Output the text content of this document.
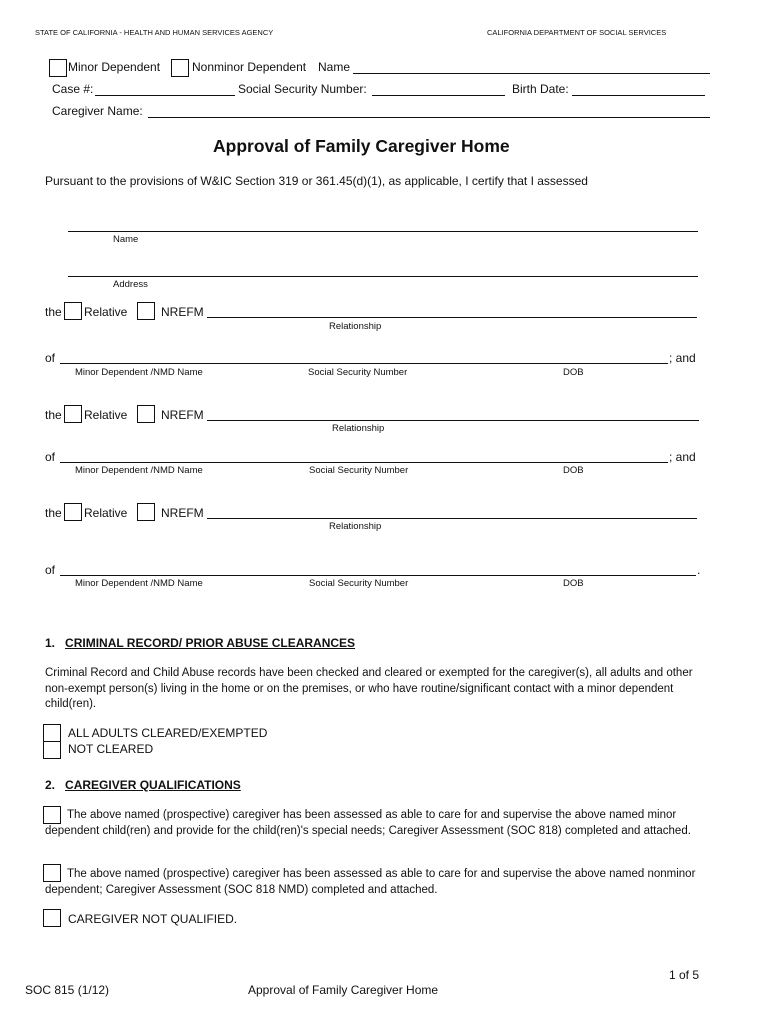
STATE OF CALIFORNIA - HEALTH AND HUMAN SERVICES AGENCY	CALIFORNIA DEPARTMENT OF SOCIAL SERVICES
Minor Dependent	Nonminor Dependent Name
Case #:	Social Security Number:	Birth Date:
Caregiver Name:
Approval of Family Caregiver Home
Pursuant to the provisions of W&IC Section 319 or 361.45(d)(1), as applicable, I certify that I assessed
Name
Address
the Relative	NREFM
Relationship
of	; and
Minor Dependent /NMD Name	Social Security Number	DOB
the Relative	NREFM
Relationship
of	; and
Minor Dependent /NMD Name	Social Security Number	DOB
the Relative	NREFM
Relationship
of	.
Minor Dependent /NMD Name	Social Security Number	DOB
1. CRIMINAL RECORD/ PRIOR ABUSE CLEARANCES
Criminal Record and Child Abuse records have been checked and cleared or exempted for the caregiver(s), all adults and other non-exempt person(s) living in the home or on the premises, or who have routine/significant contact with a minor dependent child(ren).
ALL ADULTS CLEARED/EXEMPTED
NOT CLEARED
2. CAREGIVER QUALIFICATIONS
The above named (prospective) caregiver has been assessed as able to care for and supervise the above named minor dependent child(ren) and provide for the child(ren)'s special needs; Caregiver Assessment (SOC 818) completed and attached.
The above named (prospective) caregiver has been assessed as able to care for and supervise the above named nonminor dependent; Caregiver Assessment (SOC 818 NMD) completed and attached.
CAREGIVER NOT QUALIFIED.
1 of 5
SOC 815 (1/12)	Approval of Family Caregiver Home
